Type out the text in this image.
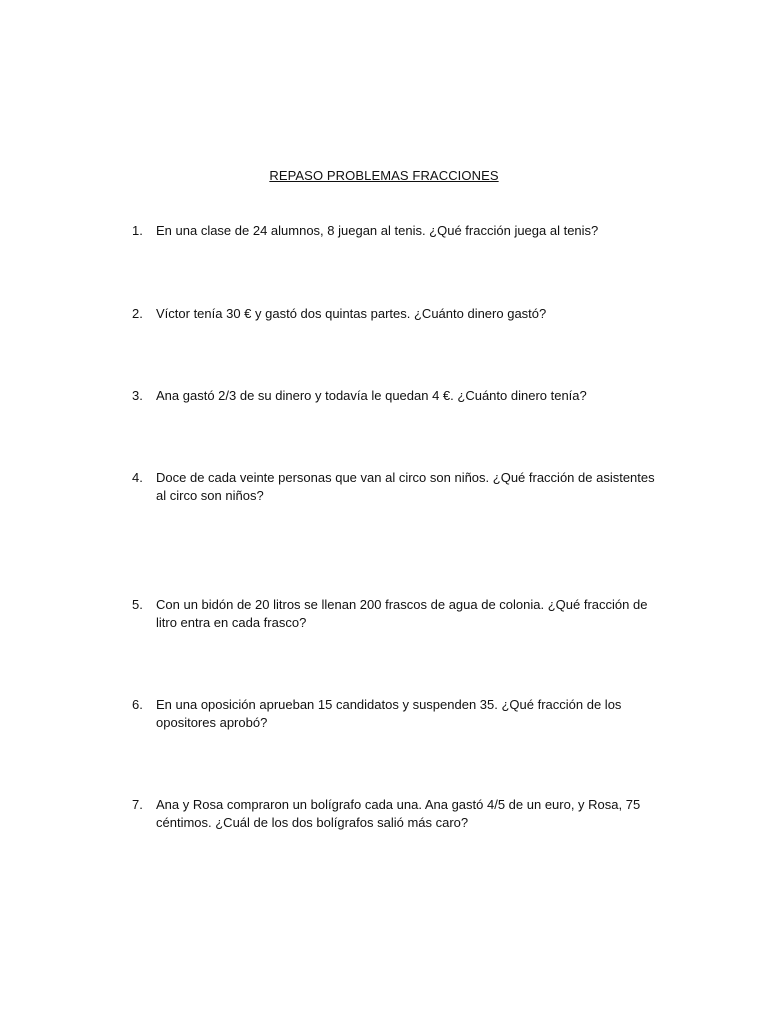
REPASO PROBLEMAS FRACCIONES
1.	En una clase de 24 alumnos, 8 juegan al tenis. ¿Qué fracción juega al tenis?
2.	Víctor tenía 30 € y gastó dos quintas partes. ¿Cuánto dinero gastó?
3.	Ana gastó 2/3 de su dinero y todavía le quedan 4 €. ¿Cuánto dinero tenía?
4.	Doce de cada veinte personas que van al circo son niños. ¿Qué fracción de asistentes al circo son niños?
5.	Con un bidón de 20 litros se llenan 200 frascos de agua de colonia. ¿Qué fracción de litro entra en cada frasco?
6.	En una oposición aprueban 15 candidatos y suspenden 35. ¿Qué fracción de los opositores aprobó?
7.	Ana y Rosa compraron un bolígrafo cada una. Ana gastó 4/5 de un euro, y Rosa, 75 céntimos. ¿Cuál de los dos bolígrafos salió más caro?
